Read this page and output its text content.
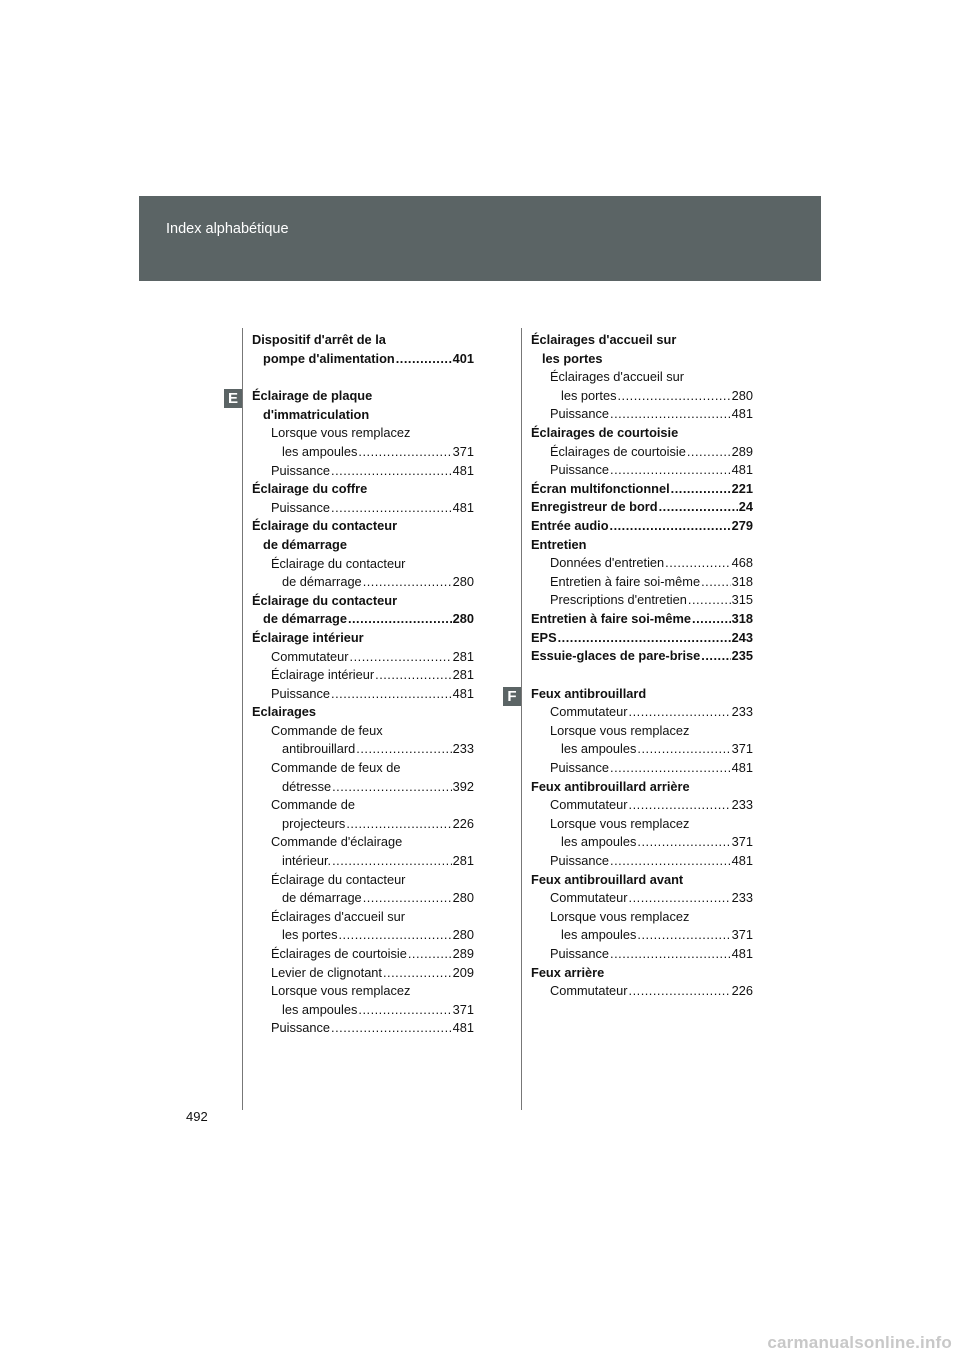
Index alphabétique
E
F
Dispositif d'arrêt de la
pompe d'alimentation .....	401
Éclairage de plaque
d'immatriculation
Lorsque vous remplacez
les ampoules .....	371
Puissance .....	481
Éclairage du coffre
Puissance .....	481
Éclairage du contacteur
de démarrage
Éclairage du contacteur
de démarrage .....	280
Éclairage du contacteur
de démarrage .....	280
Éclairage intérieur
Commutateur .....	281
Éclairage intérieur .....	281
Puissance .....	481
Eclairages
Commande de feux
antibrouillard .....	233
Commande de feux de
détresse .....	392
Commande de
projecteurs .....	226
Commande d'éclairage
intérieur. .....	281
Éclairage du contacteur
de démarrage .....	280
Éclairages d'accueil sur
les portes .....	280
Éclairages de courtoisie .....	289
Levier de clignotant .....	209
Lorsque vous remplacez
les ampoules .....	371
Puissance .....	481
Éclairages d'accueil sur
les portes
Éclairages d'accueil sur
les portes .....	280
Puissance .....	481
Éclairages de courtoisie
Éclairages de courtoisie .....	289
Puissance .....	481
Écran multifonctionnel .....	221
Enregistreur de bord .....	24
Entrée audio .....	279
Entretien
Données d'entretien .....	468
Entretien à faire soi-même ..... 318
Prescriptions d'entretien .....	315
Entretien à faire soi-même .....	318
EPS .....	243
Essuie-glaces de pare-brise ..... 235
Feux antibrouillard
Commutateur .....	233
Lorsque vous remplacez
les ampoules .....	371
Puissance .....	481
Feux antibrouillard arrière
Commutateur .....	233
Lorsque vous remplacez
les ampoules .....	371
Puissance .....	481
Feux antibrouillard avant
Commutateur .....	233
Lorsque vous remplacez
les ampoules .....	371
Puissance .....	481
Feux arrière
Commutateur .....	226
492
carmanualsonline.info
